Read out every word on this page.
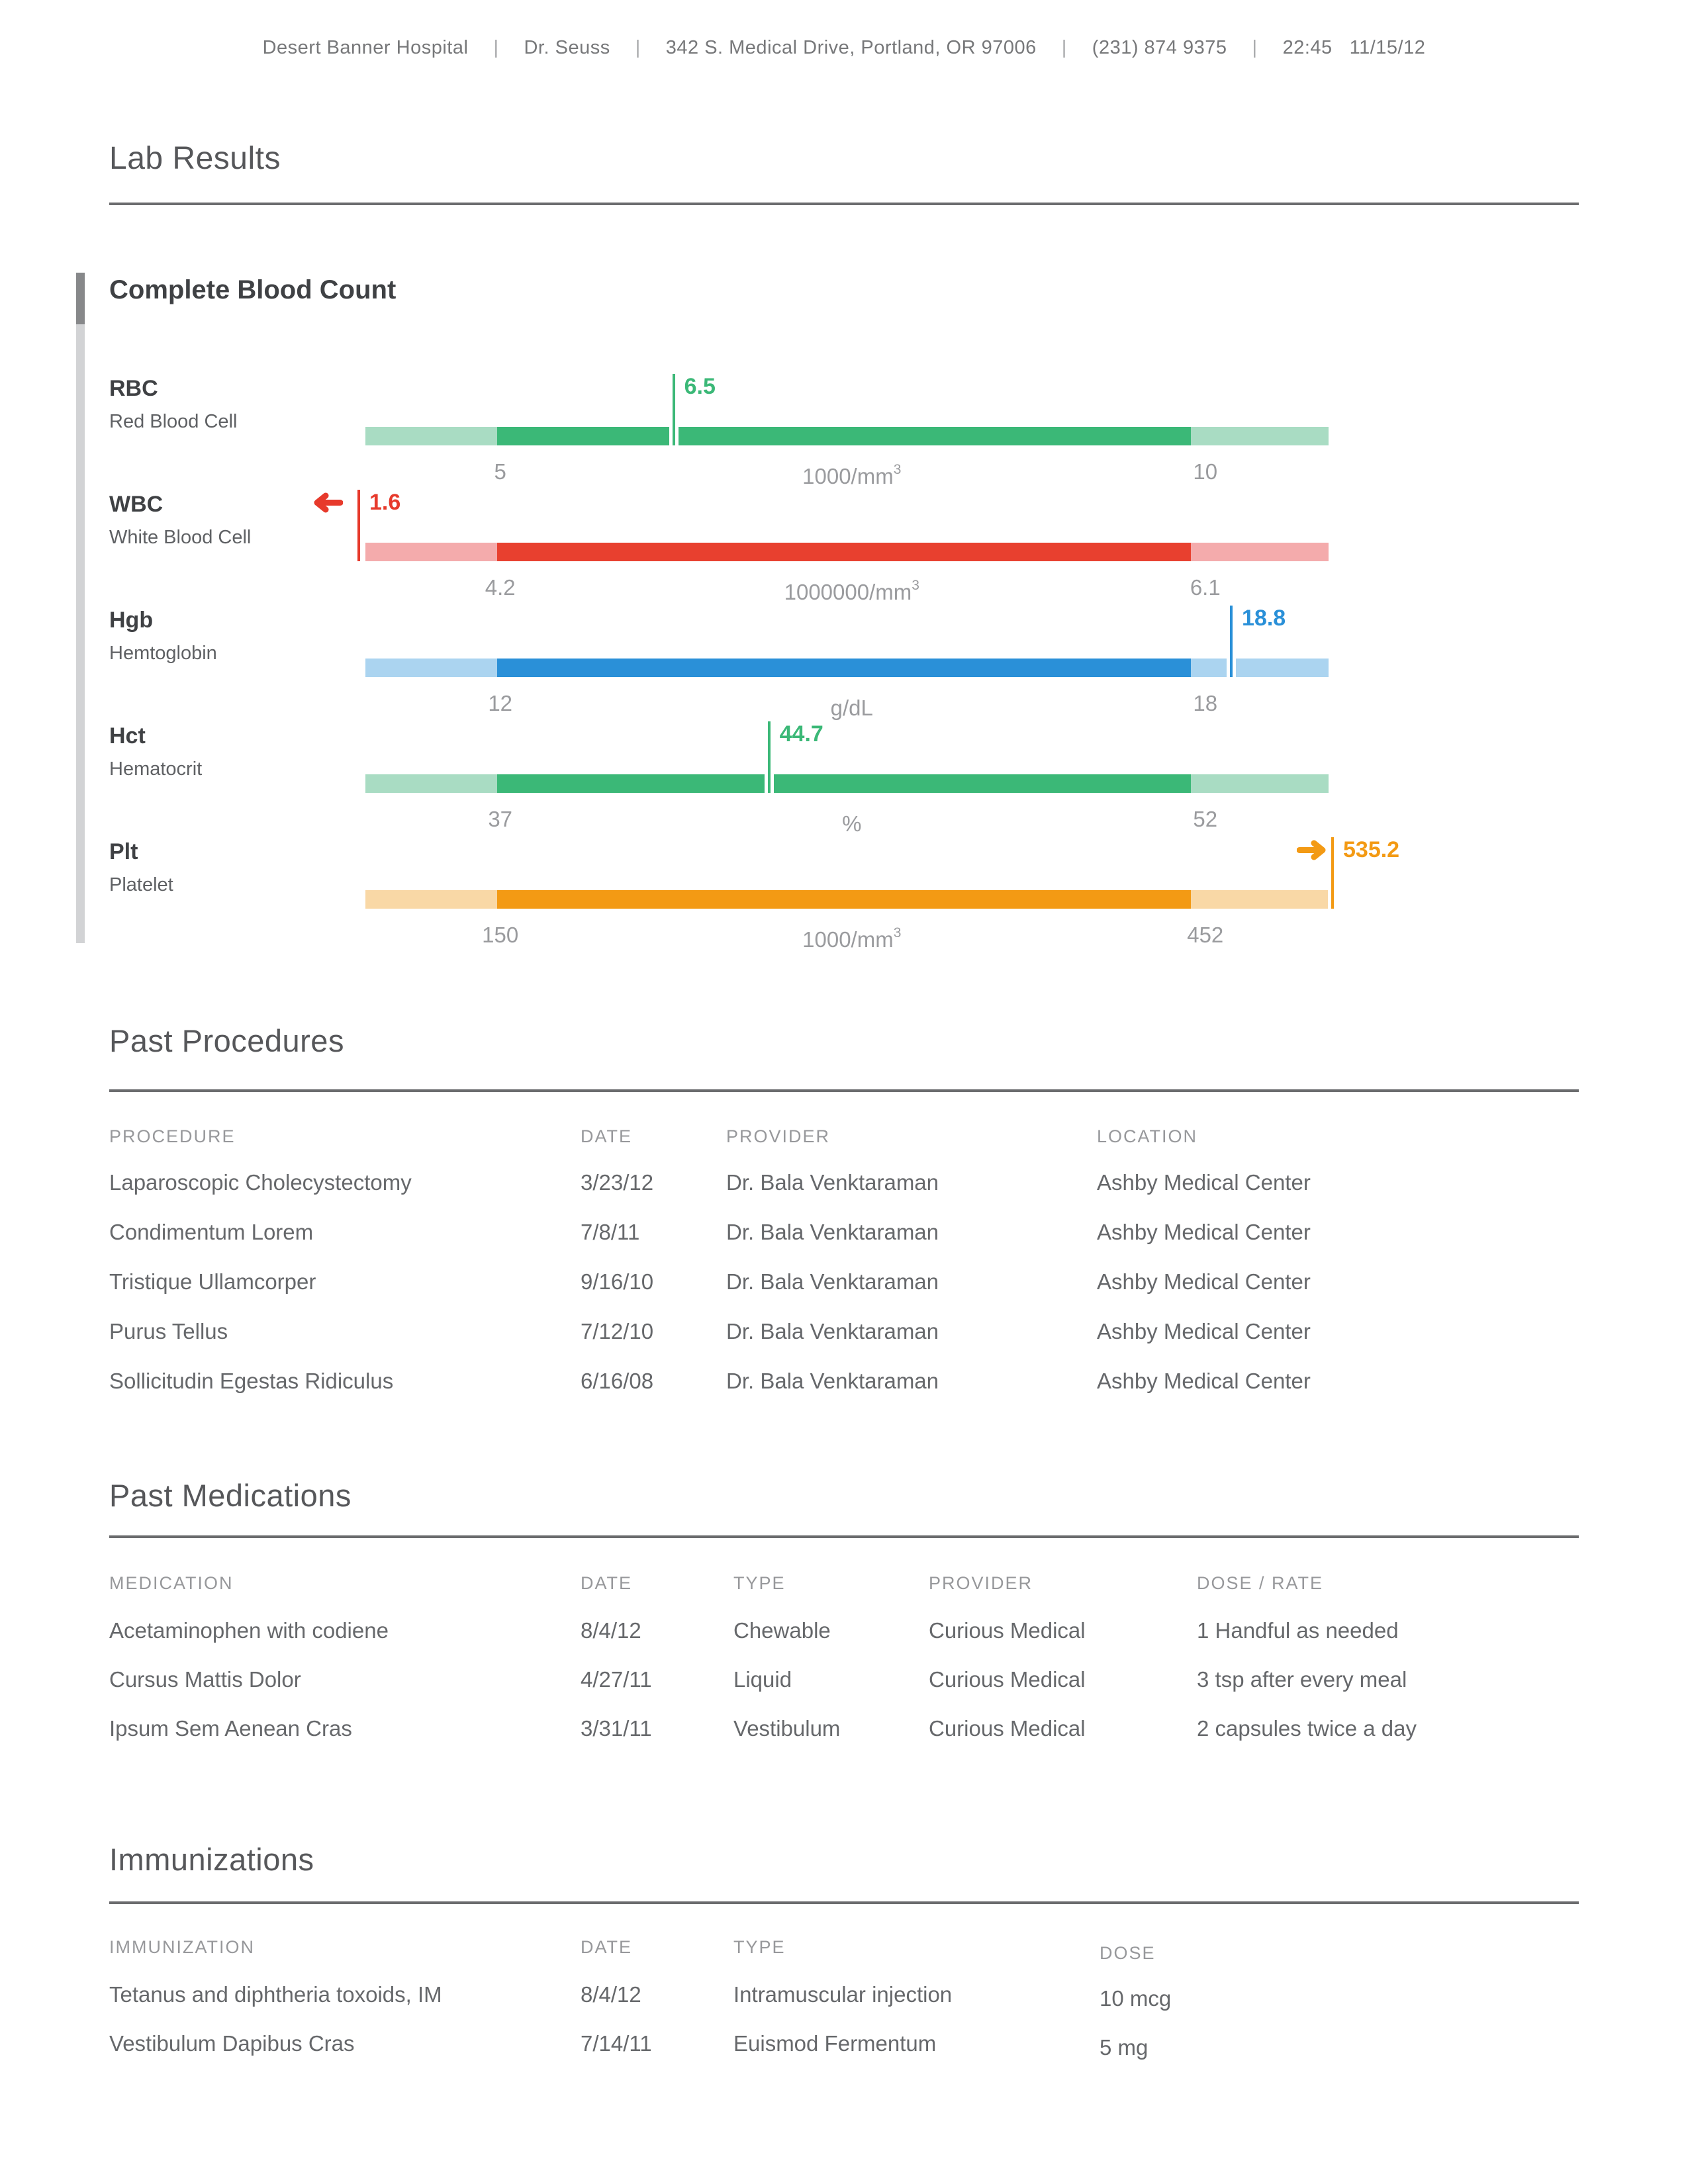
Desert Banner Hospital | Dr. Seuss | 342 S. Medical Drive, Portland, OR 97006 | (231) 874 9375 | 22:45 11/15/12
Lab Results
Complete Blood Count
RBC
Red Blood Cell
6.5
5	$1000/mm^3$	10
WBC
White Blood Cell
1.6
4.2	$1000000/mm^3$	6.1
Hgb
Hemtoglobin
18.8
12	g/dL	18
Hct
Hematocrit
44.7
37	%	52
Plt
Platelet
535.2
150	$1000/mm^3$	452
Past Procedures
PROCEDURE	DATE	PROVIDER	LOCATION
Laparoscopic Cholecystectomy	3/23/12	Dr. Bala Venktaraman	Ashby Medical Center
Condimentum Lorem	7/8/11	Dr. Bala Venktaraman	Ashby Medical Center
Tristique Ullamcorper	9/16/10	Dr. Bala Venktaraman	Ashby Medical Center
Purus Tellus	7/12/10	Dr. Bala Venktaraman	Ashby Medical Center
Sollicitudin Egestas Ridiculus	6/16/08	Dr. Bala Venktaraman	Ashby Medical Center
Past Medications
MEDICATION	DATE	TYPE	PROVIDER	DOSE / RATE
Acetaminophen with codiene	8/4/12	Chewable	Curious Medical	1 Handful as needed
Cursus Mattis Dolor	4/27/11	Liquid	Curious Medical	3 tsp after every meal
Ipsum Sem Aenean Cras	3/31/11	Vestibulum	Curious Medical	2 capsules twice a day
Immunizations
IMMUNIZATION	DATE	TYPE	DOSE
Tetanus and diphtheria toxoids, IM	8/4/12	Intramuscular injection	10 mcg
Vestibulum Dapibus Cras	7/14/11	Euismod Fermentum	5 mg
